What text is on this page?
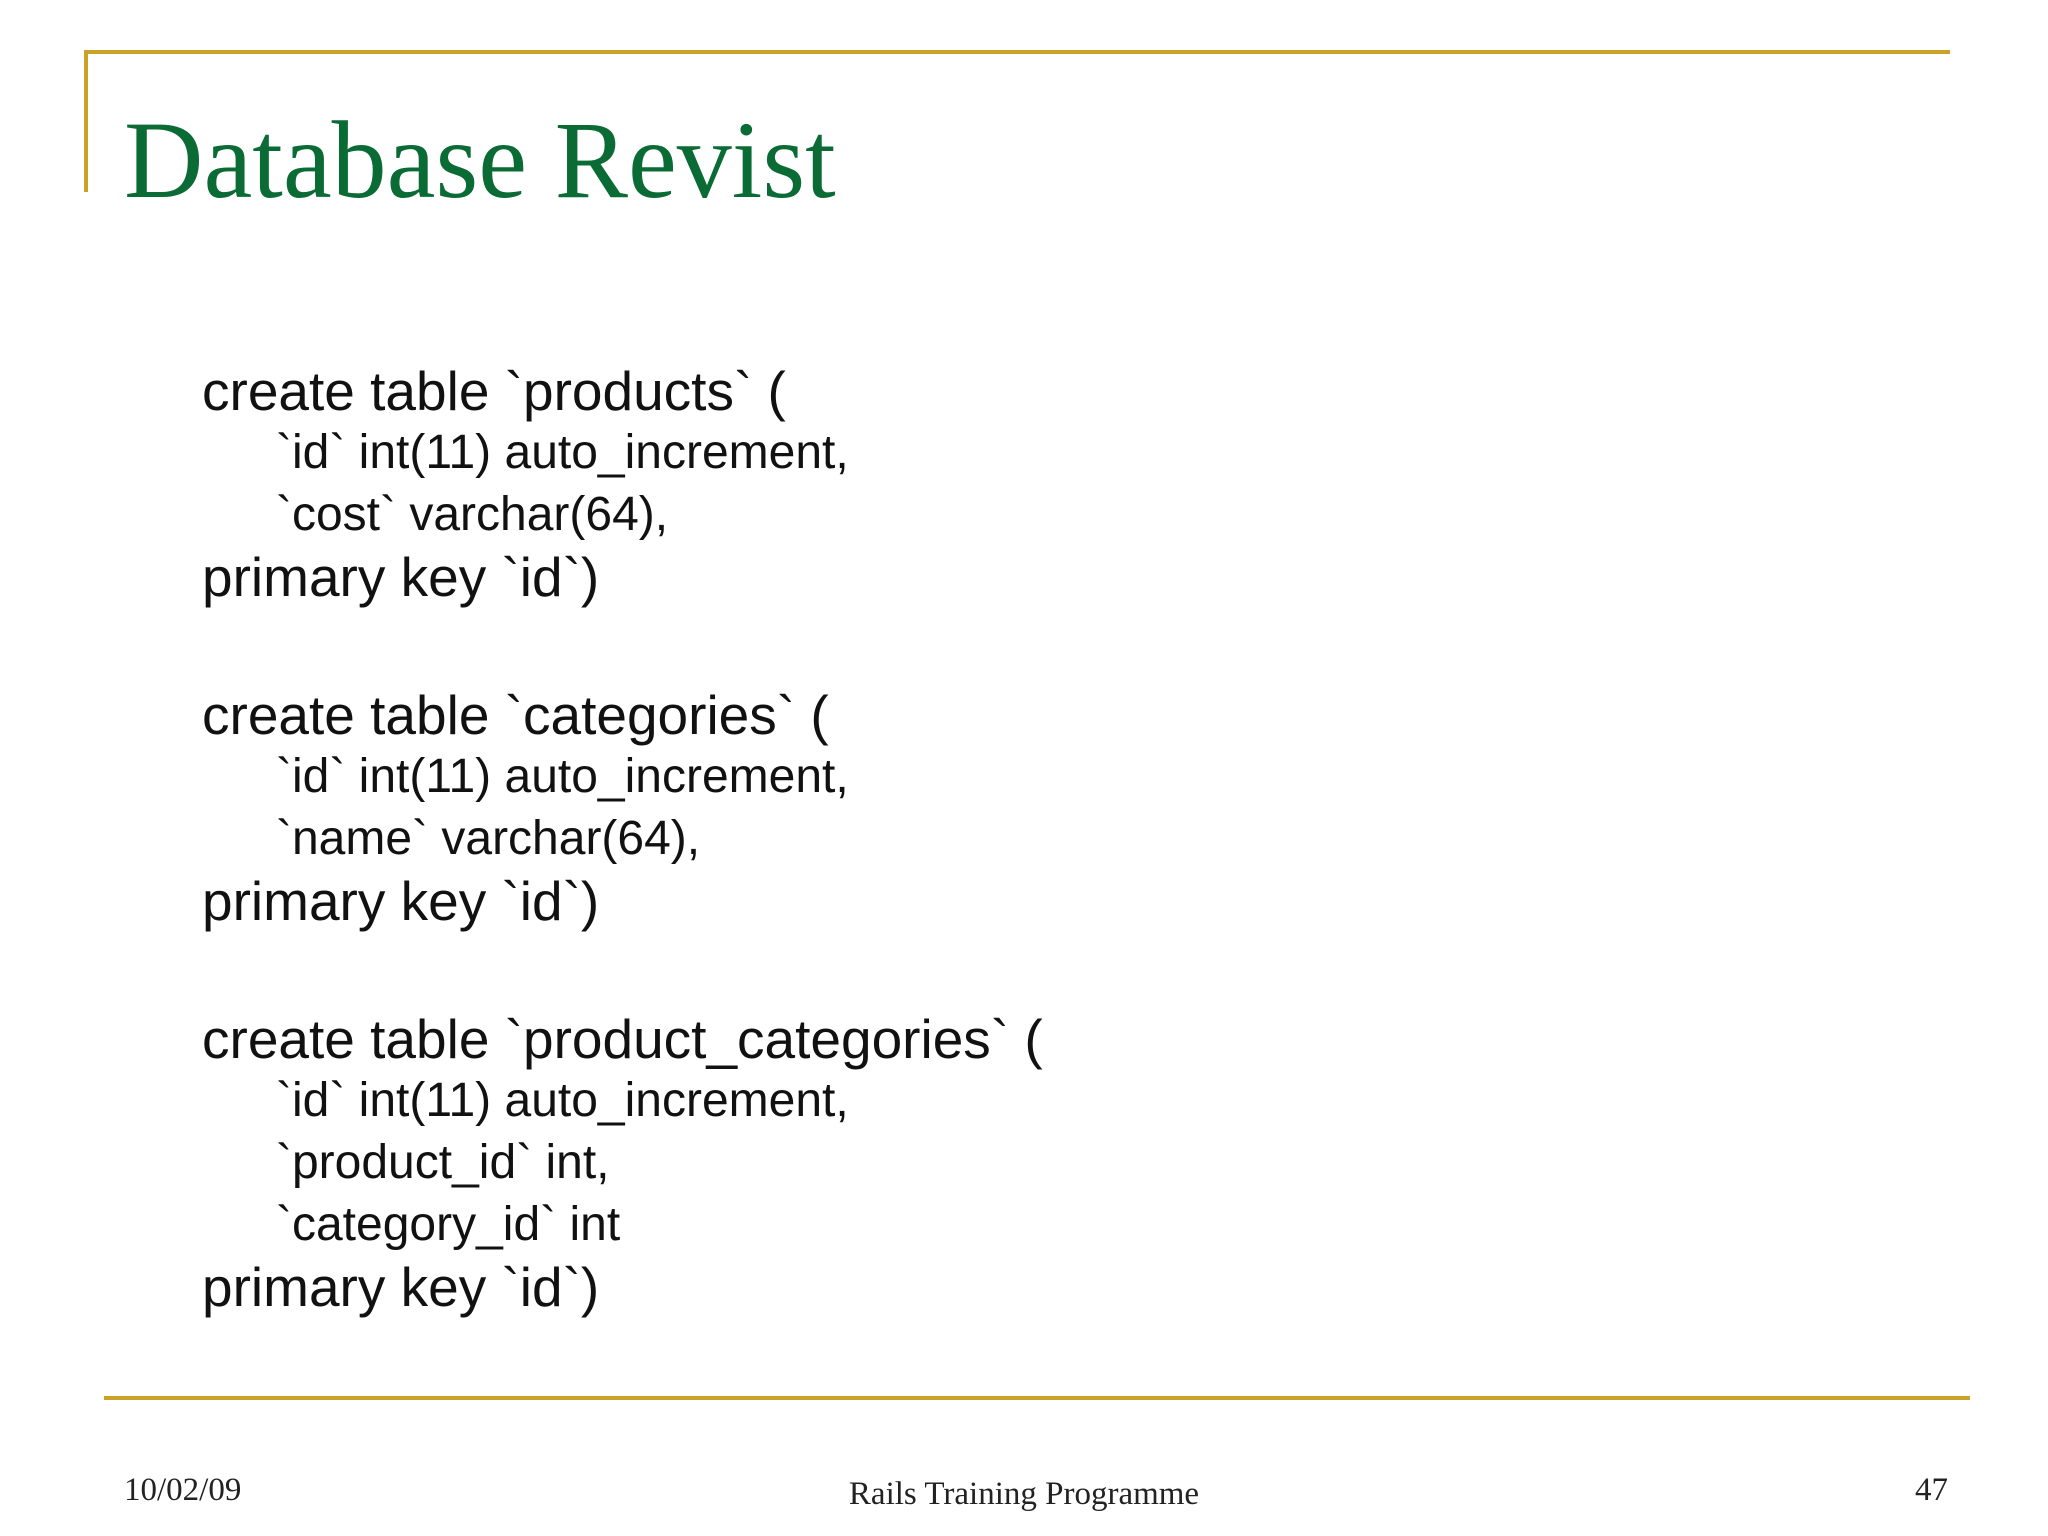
Database Revist
create table `products` (
`id` int(11) auto_increment,
`cost` varchar(64),
primary key `id`)
create table `categories` (
`id` int(11) auto_increment,
`name` varchar(64),
primary key `id`)
create table `product_categories` (
`id` int(11) auto_increment,
`product_id` int,
`category_id` int
primary key `id`)
10/02/09	Rails Training Programme	47
